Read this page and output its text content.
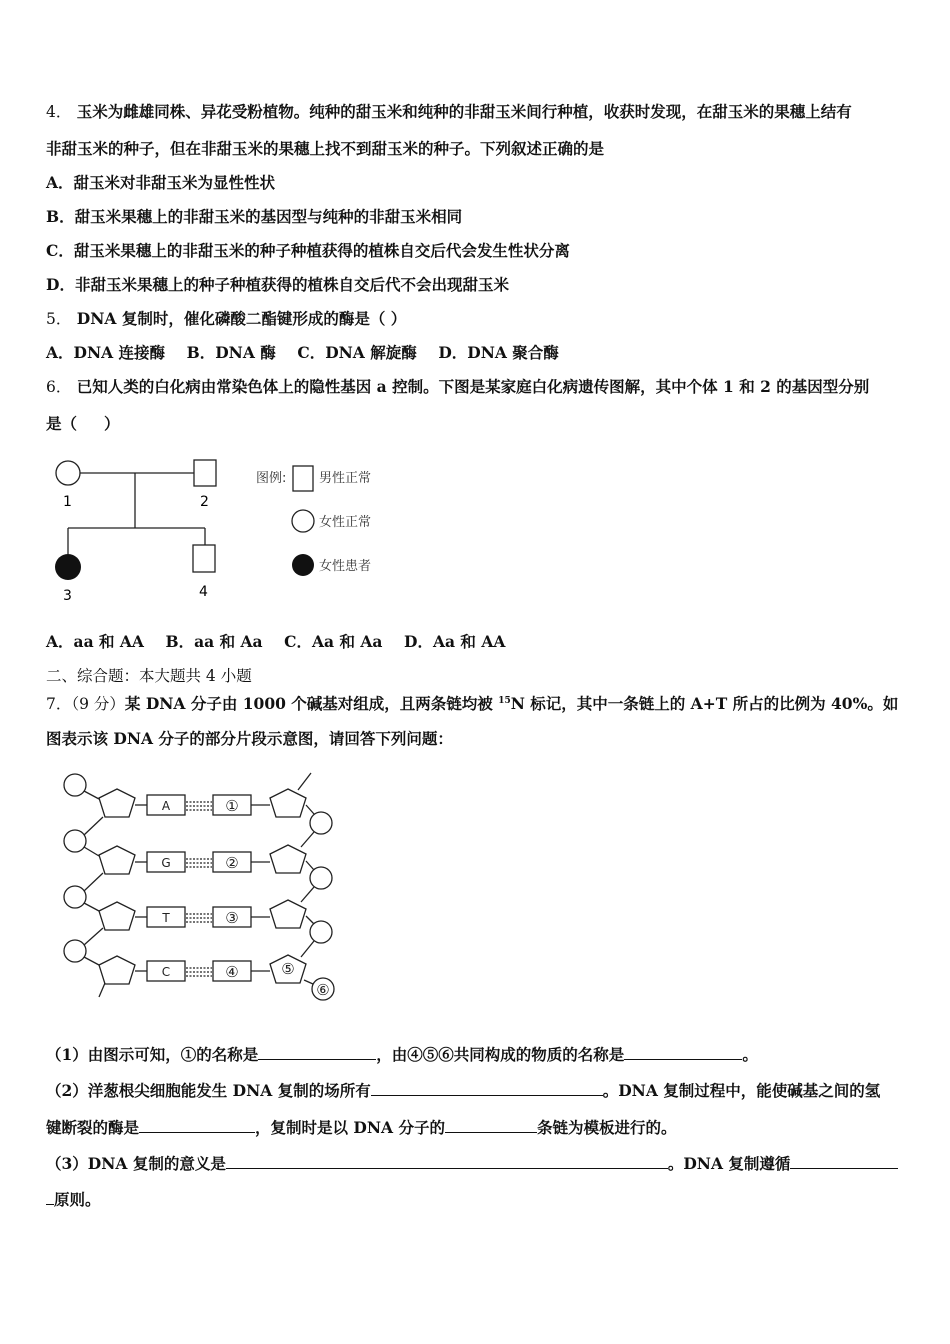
4． 玉米为雌雄同株、异花受粉植物。纯种的甜玉米和纯种的非甜玉米间行种植，收获时发现，在甜玉米的果穗上结有
非甜玉米的种子，但在非甜玉米的果穗上找不到甜玉米的种子。下列叙述正确的是
A．甜玉米对非甜玉米为显性性状
B．甜玉米果穗上的非甜玉米的基因型与纯种的非甜玉米相同
C．甜玉米果穗上的非甜玉米的种子种植获得的植株自交后代会发生性状分离
D．非甜玉米果穗上的种子种植获得的植株自交后代不会出现甜玉米
5． DNA 复制时，催化磷酸二酯键形成的酶是（ ）
A．DNA 连接酶    B．DNA 酶    C．DNA 解旋酶    D．DNA 聚合酶
6． 已知人类的白化病由常染色体上的隐性基因 a 控制。下图是某家庭白化病遗传图解，其中个体 1 和 2 的基因型分别
是（     ）
1	2
3	4
图例:	男性正常
女性正常
女性患者
A．aa 和 AA    B．aa 和 Aa    C．Aa 和 Aa    D．Aa 和 AA
二、综合题：本大题共 4 小题
7．（9 分）某 DNA 分子由 1000 个碱基对组成，且两条链均被 $^{15}$N 标记，其中一条链上的 A+T 所占的比例为 40%。如
图表示该 DNA 分子的部分片段示意图，请回答下列问题：
A
G
T
C
①
②
③
④	⑤
⑥
（1）由图示可知，①的名称是	，由④⑤⑥共同构成的物质的名称是	。
（2）洋葱根尖细胞能发生 DNA 复制的场所有	。DNA 复制过程中，能使碱基之间的氢
键断裂的酶是	，复制时是以 DNA 分子的	条链为模板进行的。
（3）DNA 复制的意义是	。DNA 复制遵循
原则。
